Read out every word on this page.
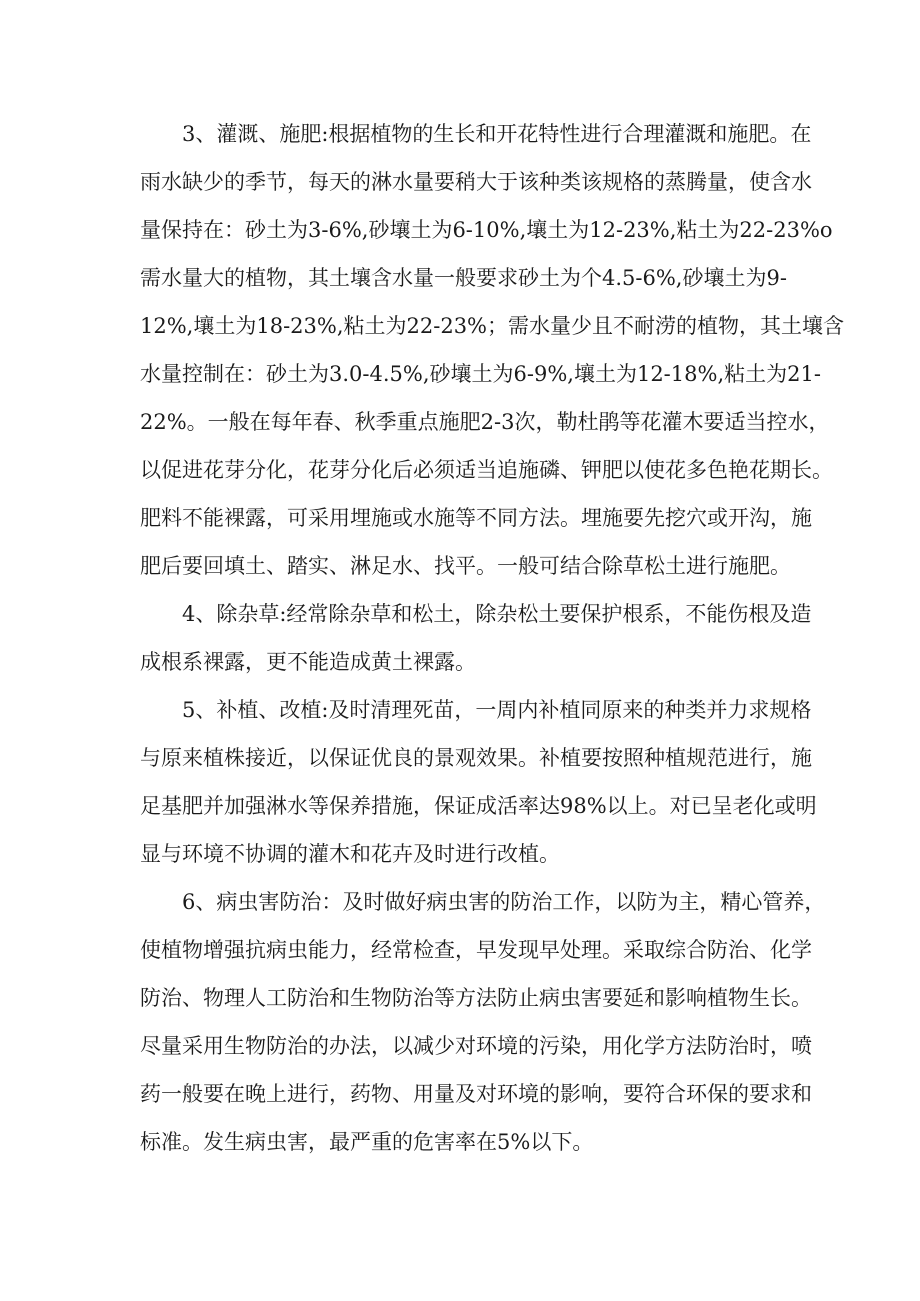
3、灌溉、施肥:根据植物的生长和开花特性进行合理灌溉和施肥。在
雨水缺少的季节，每天的淋水量要稍大于该种类该规格的蒸腾量，使含水
量保持在：砂土为3-6%,砂壤土为6-10%,壤土为12-23%,粘土为22-23%o
需水量大的植物，其土壤含水量一般要求砂土为个4.5-6%,砂壤土为9-
12%,壤土为18-23%,粘土为22-23%；需水量少且不耐涝的植物，其土壤含
水量控制在：砂土为3.0-4.5%,砂壤土为6-9%,壤土为12-18%,粘土为21-
22%。一般在每年春、秋季重点施肥2-3次，勒杜鹃等花灌木要适当控水，
以促进花芽分化，花芽分化后必须适当追施磷、钾肥以使花多色艳花期长。
肥料不能裸露，可采用埋施或水施等不同方法。埋施要先挖穴或开沟，施
肥后要回填土、踏实、淋足水、找平。一般可结合除草松土进行施肥。
4、除杂草:经常除杂草和松土，除杂松土要保护根系，不能伤根及造
成根系裸露，更不能造成黄土裸露。
5、补植、改植:及时清理死苗，一周内补植同原来的种类并力求规格
与原来植株接近，以保证优良的景观效果。补植要按照种植规范进行，施
足基肥并加强淋水等保养措施，保证成活率达98%以上。对已呈老化或明
显与环境不协调的灌木和花卉及时进行改植。
6、病虫害防治：及时做好病虫害的防治工作，以防为主，精心管养，
使植物增强抗病虫能力，经常检查，早发现早处理。采取综合防治、化学
防治、物理人工防治和生物防治等方法防止病虫害要延和影响植物生长。
尽量采用生物防治的办法，以减少对环境的污染，用化学方法防治时，喷
药一般要在晚上进行，药物、用量及对环境的影响，要符合环保的要求和
标准。发生病虫害，最严重的危害率在5%以下。
